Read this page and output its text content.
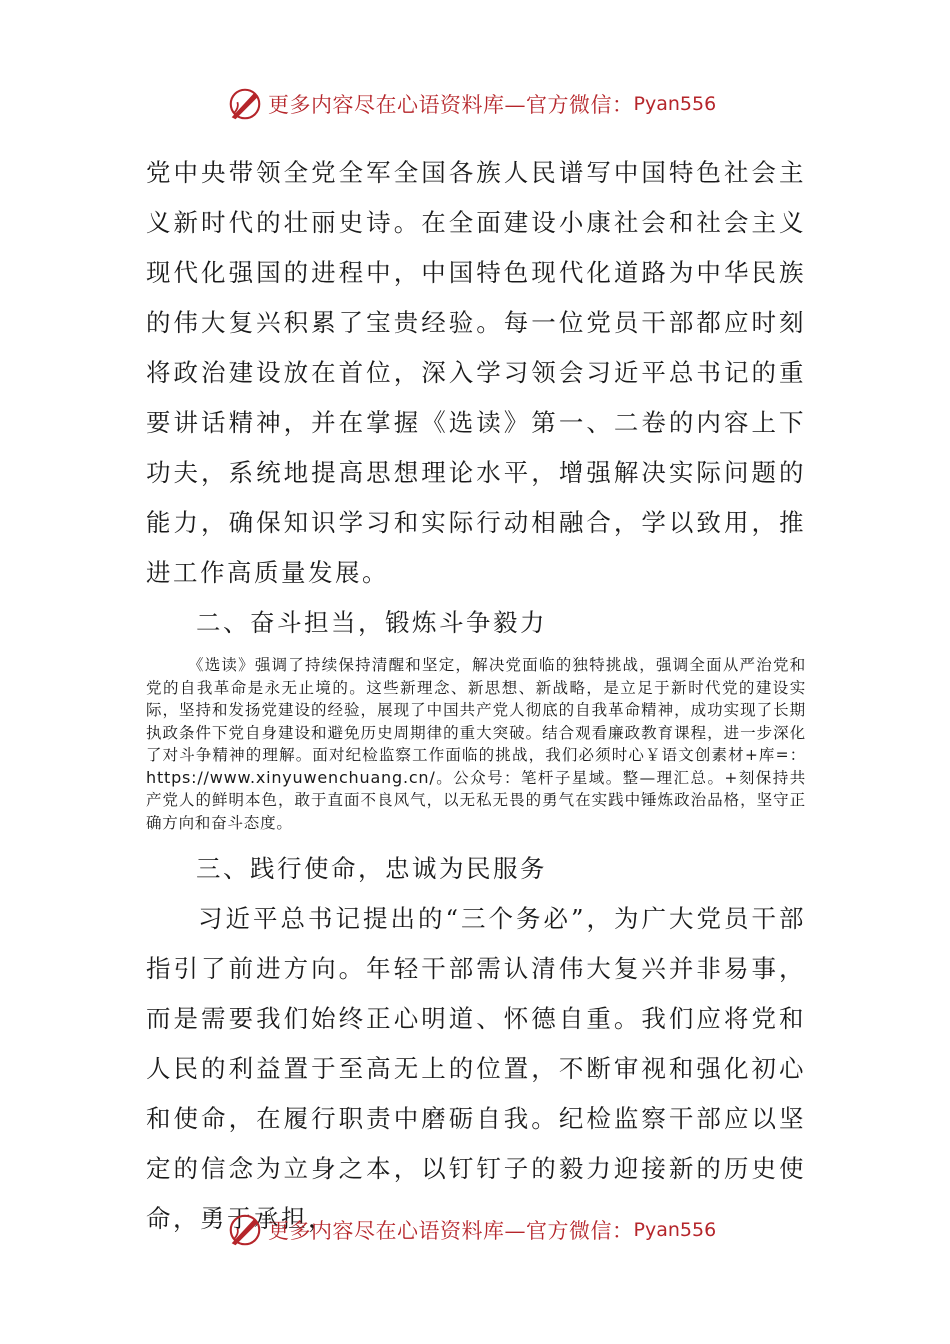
更多内容尽在心语资料库—官方微信： Pyan556

党中央带领全党全军全国各族人民谱写中国特色社会主义新时代的壮丽史诗。在全面建设小康社会和社会主义现代化强国的进程中，中国特色现代化道路为中华民族的伟大复兴积累了宝贵经验。每一位党员干部都应时刻将政治建设放在首位，深入学习领会习近平总书记的重要讲话精神，并在掌握《选读》第一、二卷的内容上下功夫，系统地提高思想理论水平，增强解决实际问题的能力，确保知识学习和实际行动相融合，学以致用，推进工作高质量发展。

二、奋斗担当，锻炼斗争毅力

《选读》强调了持续保持清醒和坚定，解决党面临的独特挑战，强调全面从严治党和党的自我革命是永无止境的。这些新理念、新思想、新战略，是立足于新时代党的建设实际，坚持和发扬党建设的经验，展现了中国共产党人彻底的自我革命精神，成功实现了长期执政条件下党自身建设和避免历史周期律的重大突破。结合观看廉政教育课程，进一步深化了对斗争精神的理解。面对纪检监察工作面临的挑战，我们必须时心￥语文创素材+库=：https://www.xinyuwenchuang.cn/。公众号：笔杆子星域。整—理汇总。+刻保持共产党人的鲜明本色，敢于直面不良风气，以无私无畏的勇气在实践中锤炼政治品格，坚守正确方向和奋斗态度。

三、践行使命，忠诚为民服务

习近平总书记提出的“三个务必”，为广大党员干部指引了前进方向。年轻干部需认清伟大复兴并非易事，而是需要我们始终正心明道、怀德自重。我们应将党和人民的利益置于至高无上的位置，不断审视和强化初心和使命，在履行职责中磨砺自我。纪检监察干部应以坚定的信念为立身之本，以钉钉子的毅力迎接新的历史使命，勇于承担，

更多内容尽在心语资料库—官方微信： Pyan556
